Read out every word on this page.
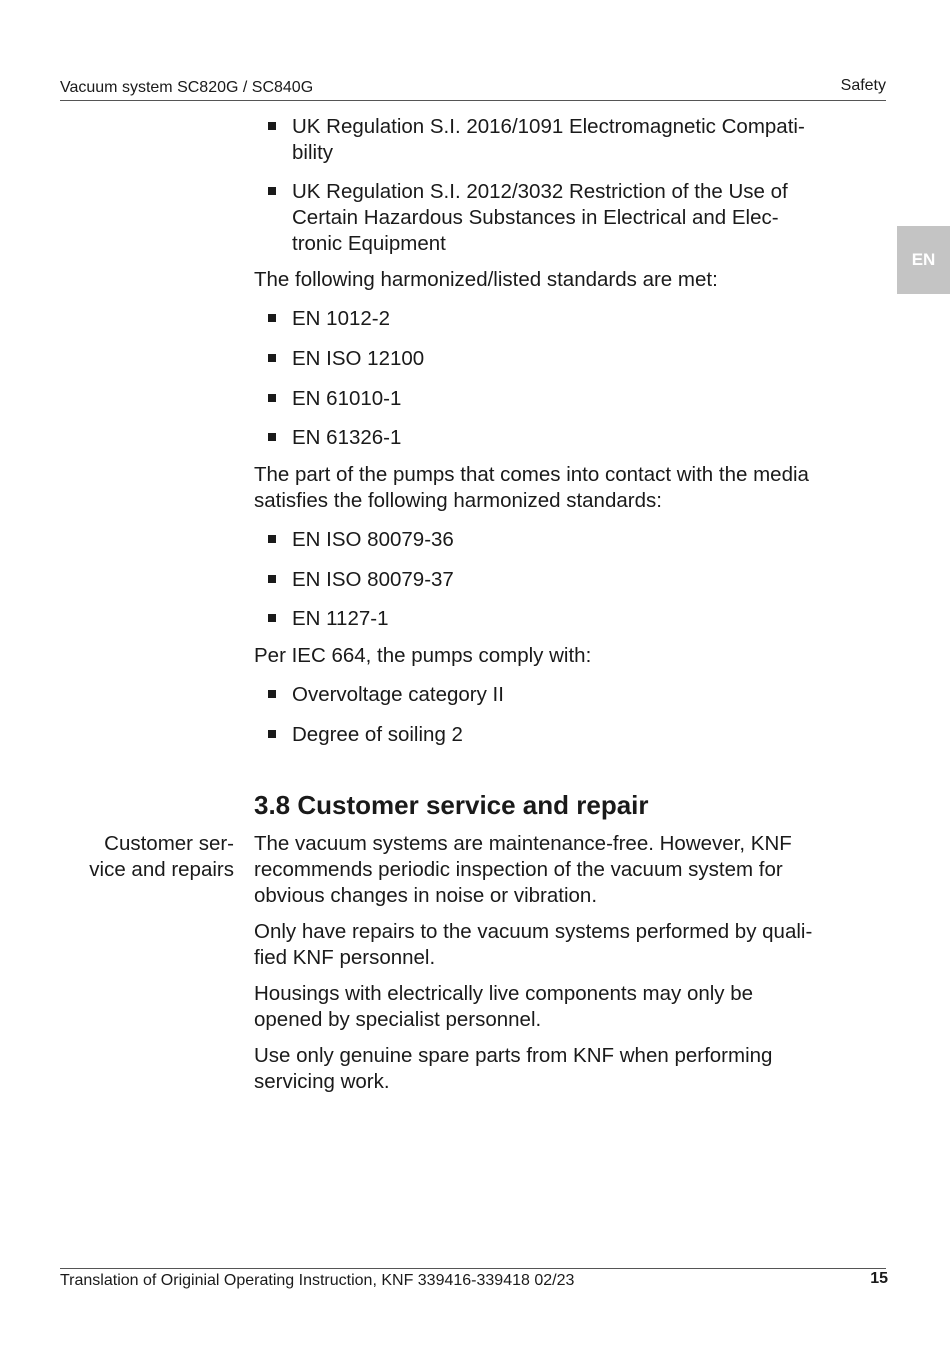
Vacuum system SC820G / SC840G	Safety
EN
UK Regulation S.I. 2016/1091 Electromagnetic Compati-
bility
UK Regulation S.I. 2012/3032 Restriction of the Use of
Certain Hazardous Substances in Electrical and Elec-
tronic Equipment

The following harmonized/listed standards are met:

EN 1012-2
EN ISO 12100
EN 61010-1
EN 61326-1
The part of the pumps that comes into contact with the media
satisfies the following harmonized standards:
EN ISO 80079-36
EN ISO 80079-37
EN 1127-1

Per IEC 664, the pumps comply with:

Overvoltage category II
Degree of soiling 2
3.8 Customer service and repair
The vacuum systems are maintenance-free. However, KNF
recommends periodic inspection of the vacuum system for
obvious changes in noise or vibration.
Only have repairs to the vacuum systems performed by quali-
fied KNF personnel.
Housings with electrically live components may only be
opened by specialist personnel.
Use only genuine spare parts from KNF when performing
servicing work.
Customer ser-
vice and repairs
Translation of Originial Operating Instruction, KNF 339416-339418 02/23	15
